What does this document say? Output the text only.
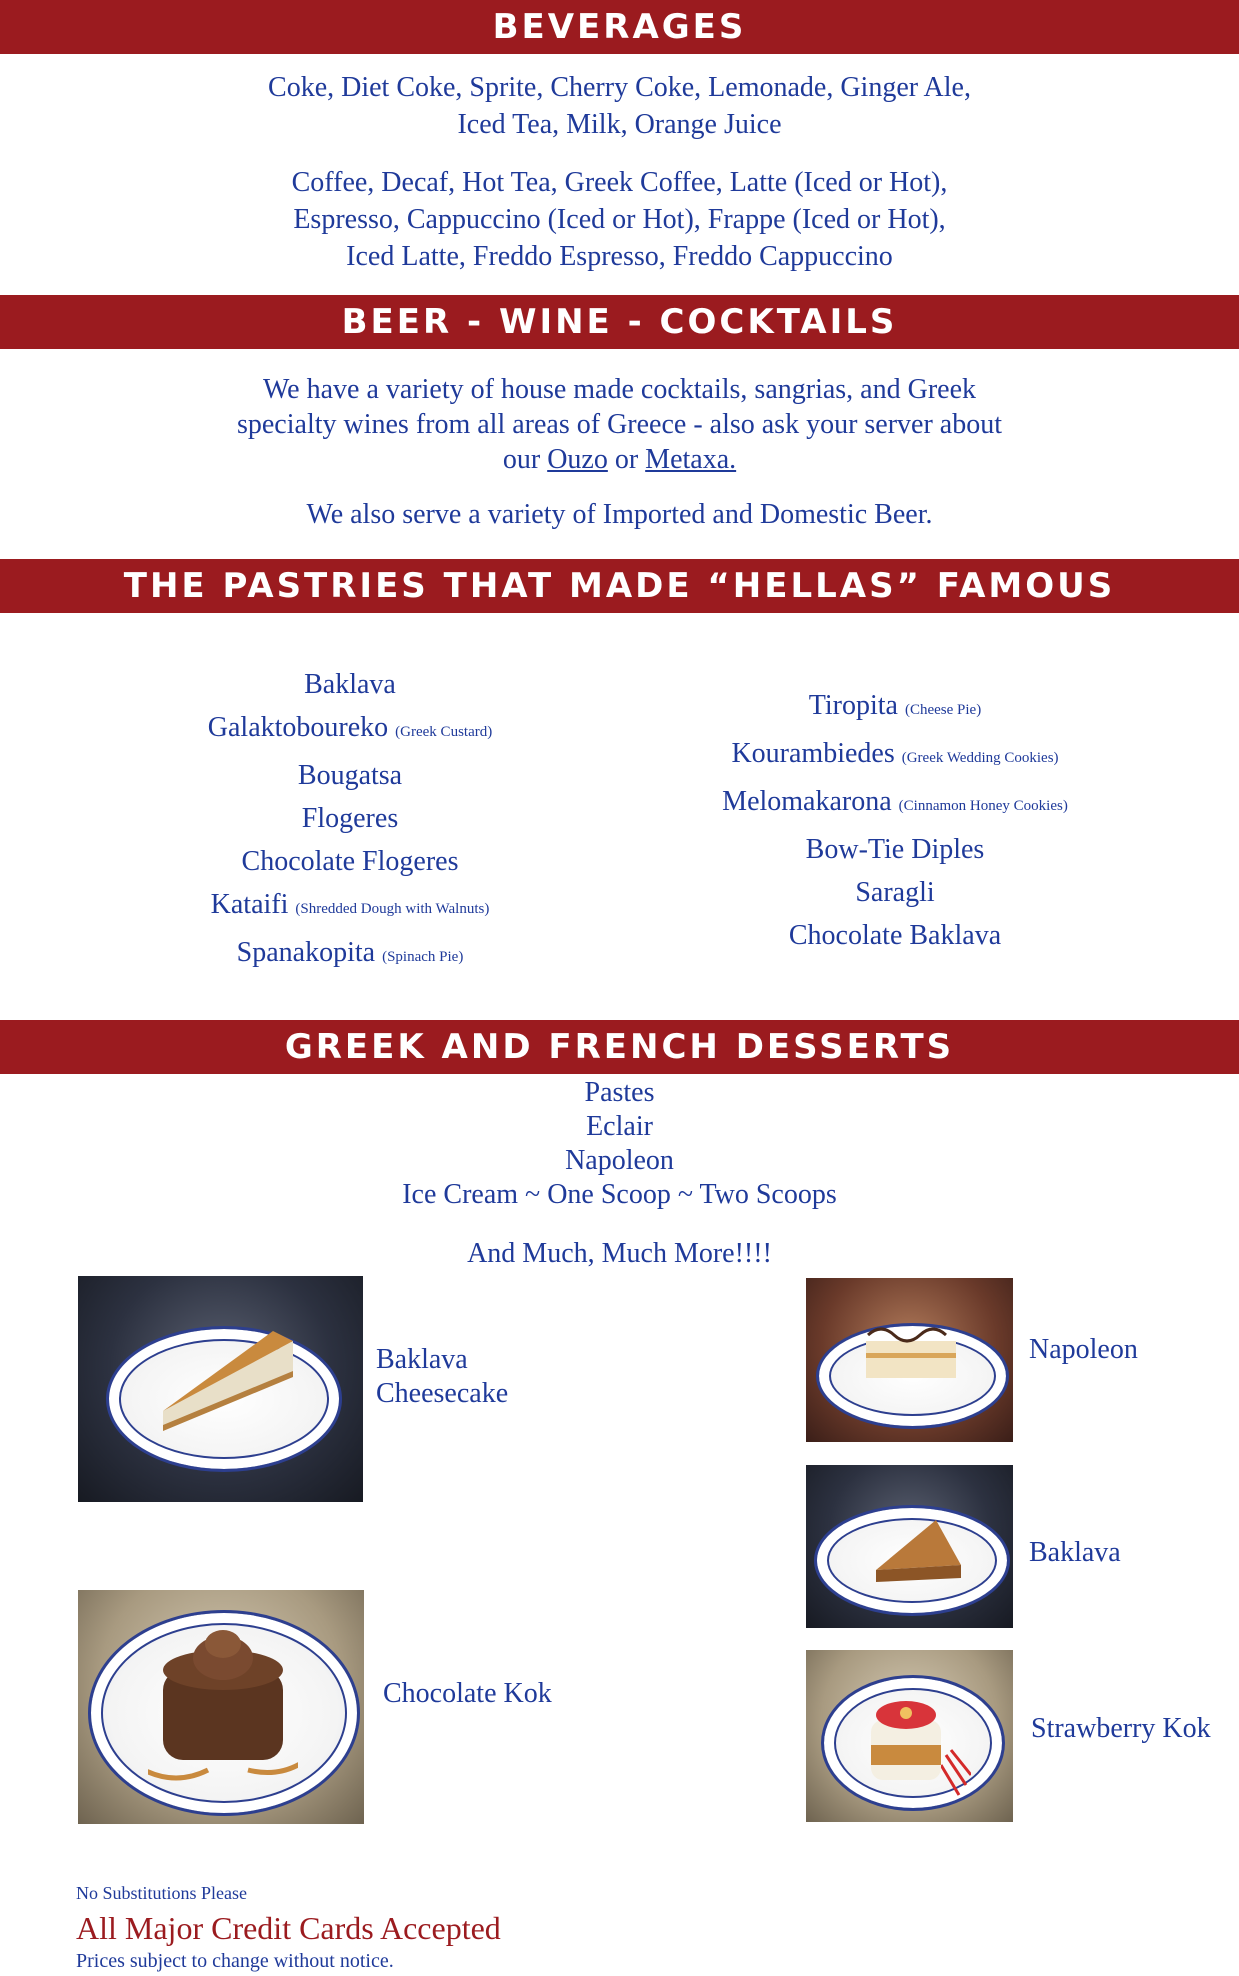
BEVERAGES
Coke, Diet Coke, Sprite, Cherry Coke, Lemonade, Ginger Ale,
Iced Tea, Milk, Orange Juice
Coffee, Decaf, Hot Tea, Greek Coffee, Latte (Iced or Hot),
Espresso, Cappuccino (Iced or Hot), Frappe (Iced or Hot),
Iced Latte, Freddo Espresso, Freddo Cappuccino
BEER - WINE - COCKTAILS
We have a variety of house made cocktails, sangrias, and Greek
specialty wines from all areas of Greece - also ask your server about
our Ouzo or Metaxa.
We also serve a variety of Imported and Domestic Beer.
THE PASTRIES THAT MADE “HELLAS” FAMOUS
Baklava
Galaktoboureko (Greek Custard)
Bougatsa
Flogeres
Chocolate Flogeres
Kataifi (Shredded Dough with Walnuts)
Spanakopita (Spinach Pie)
Tiropita (Cheese Pie)
Kourambiedes (Greek Wedding Cookies)
Melomakarona (Cinnamon Honey Cookies)
Bow-Tie Diples
Saragli
Chocolate Baklava
GREEK AND FRENCH DESSERTS
Pastes
Eclair
Napoleon
Ice Cream ~ One Scoop ~ Two Scoops
And Much, Much More!!!!
Baklava
Cheesecake
Napoleon
Baklava
Chocolate Kok
Strawberry Kok
No Substitutions Please
All Major Credit Cards Accepted
Prices subject to change without notice.
